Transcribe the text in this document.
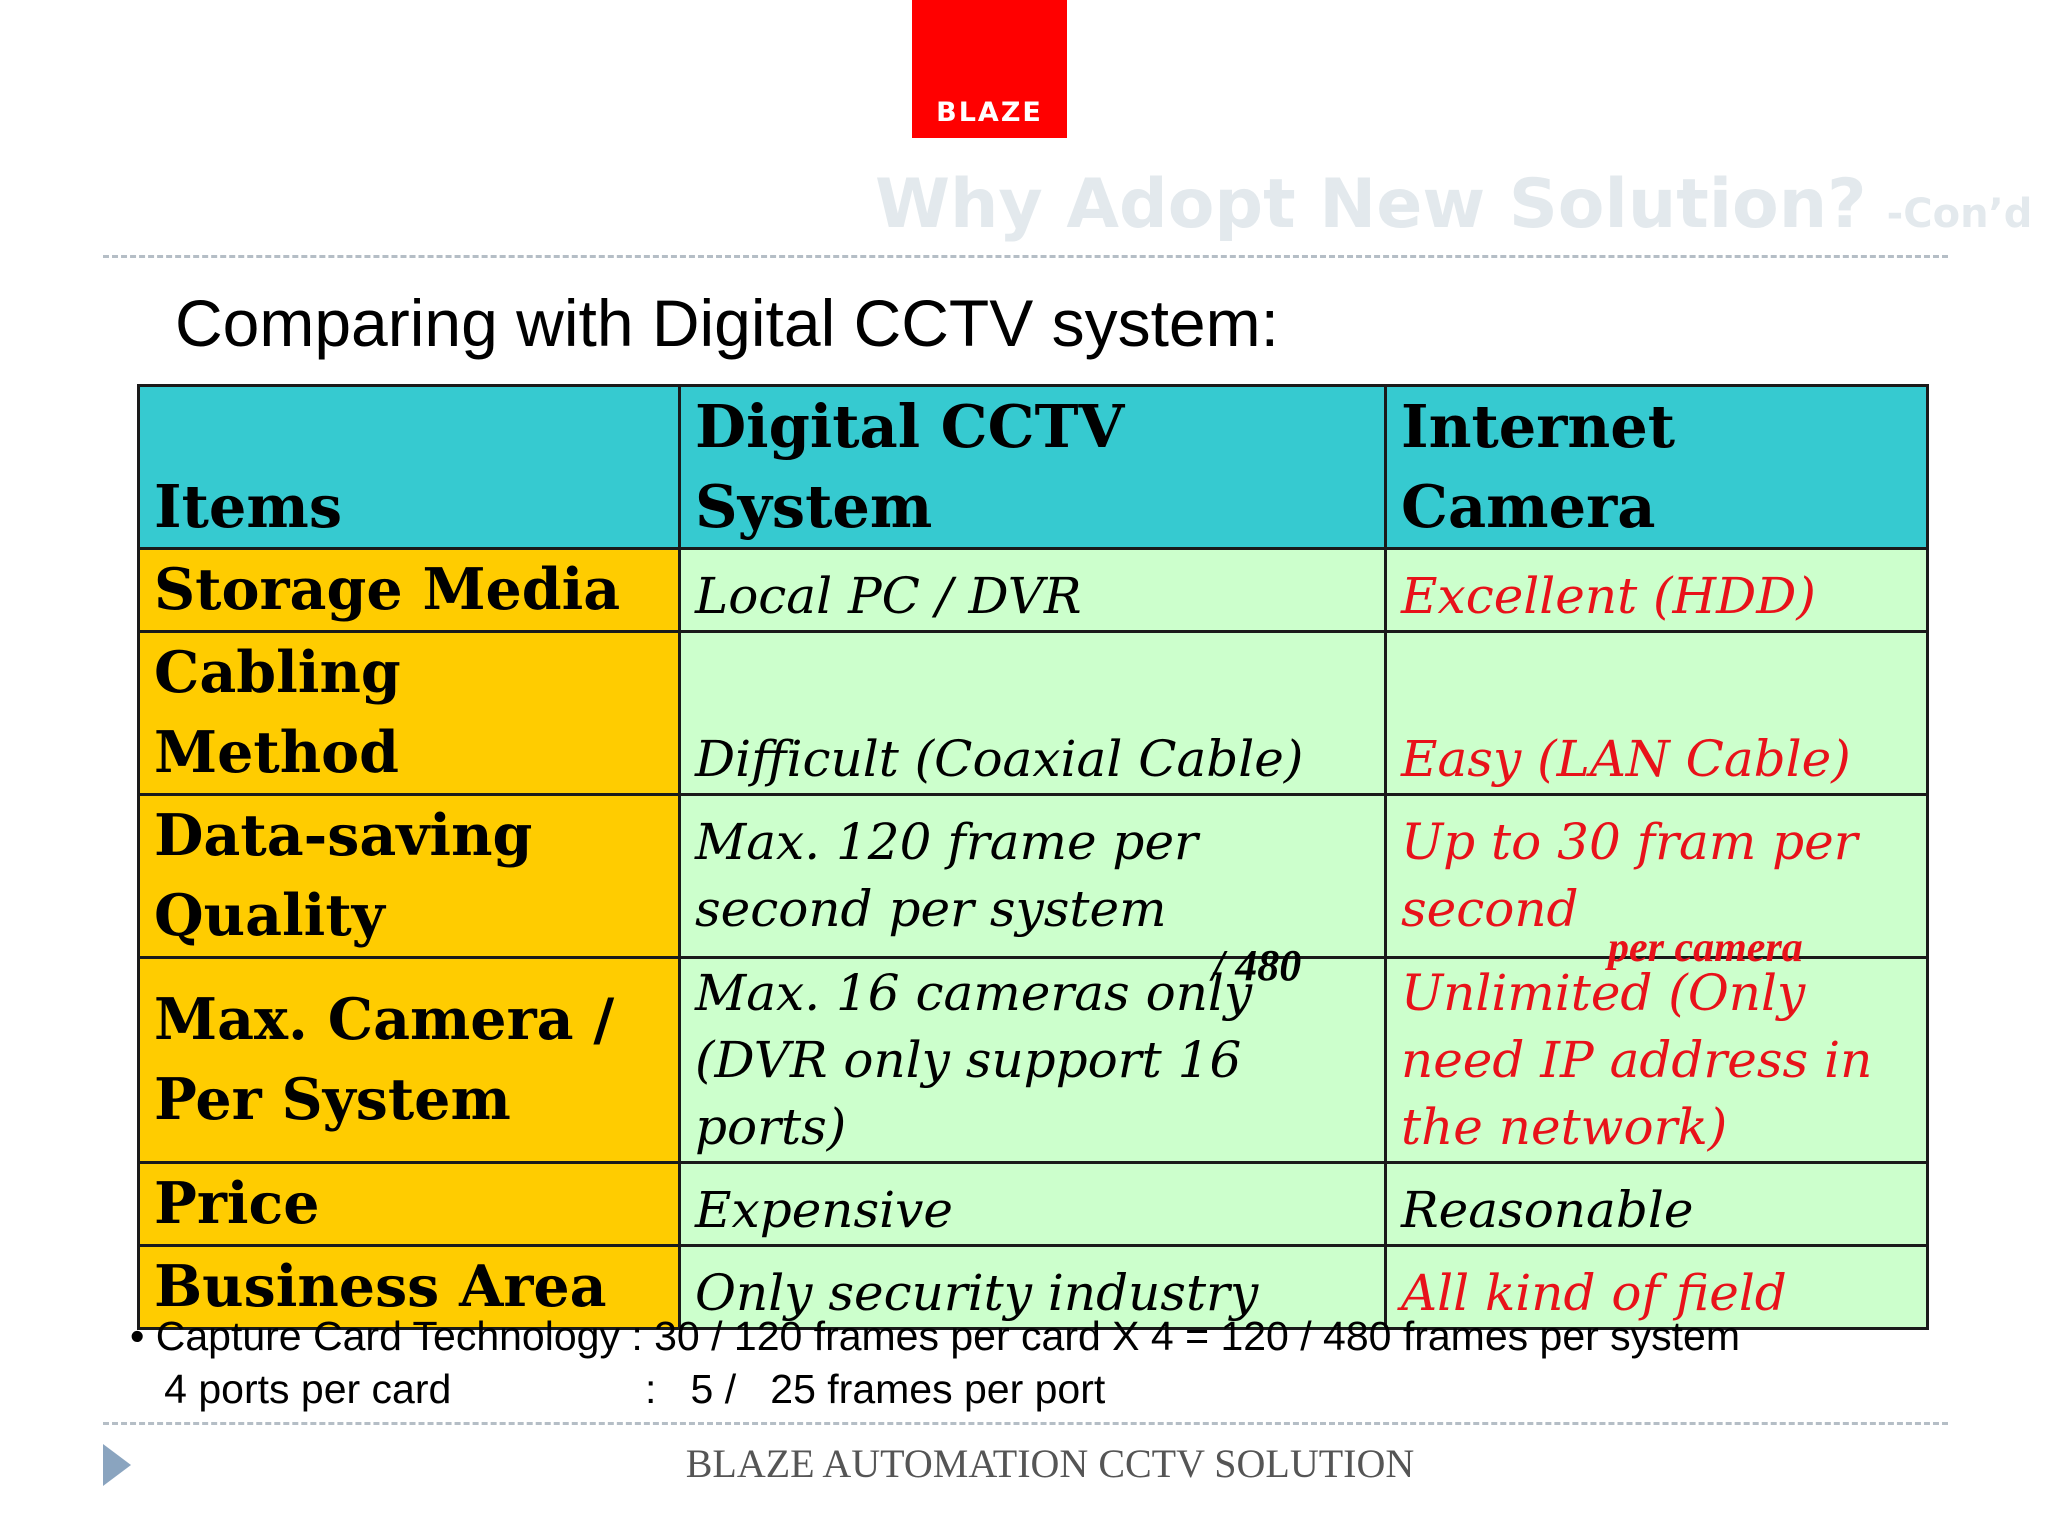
BLAZE
Why Adopt New Solution? -Con’d
Comparing with Digital CCTV system:
Items	Digital CCTV System	Internet Camera
Storage Media	Local PC / DVR	Excellent (HDD)
Cabling Method	Difficult (Coaxial Cable)	Easy (LAN Cable)
Data-saving Quality	Max. 120 frame per second per system	Up to 30 fram per second
Max. Camera / Per System	Max. 16 cameras only (DVR only support 16 ports)	Unlimited (Only need IP address in the network)
Price	Expensive	Reasonable
Business Area	Only security industry	All kind of field
/ 480	per camera
• Capture Card Technology : 30 / 120 frames per card X 4 = 120 / 480 frames per system
4 ports per card                 :   5 /   25 frames per port
BLAZE AUTOMATION CCTV SOLUTION
